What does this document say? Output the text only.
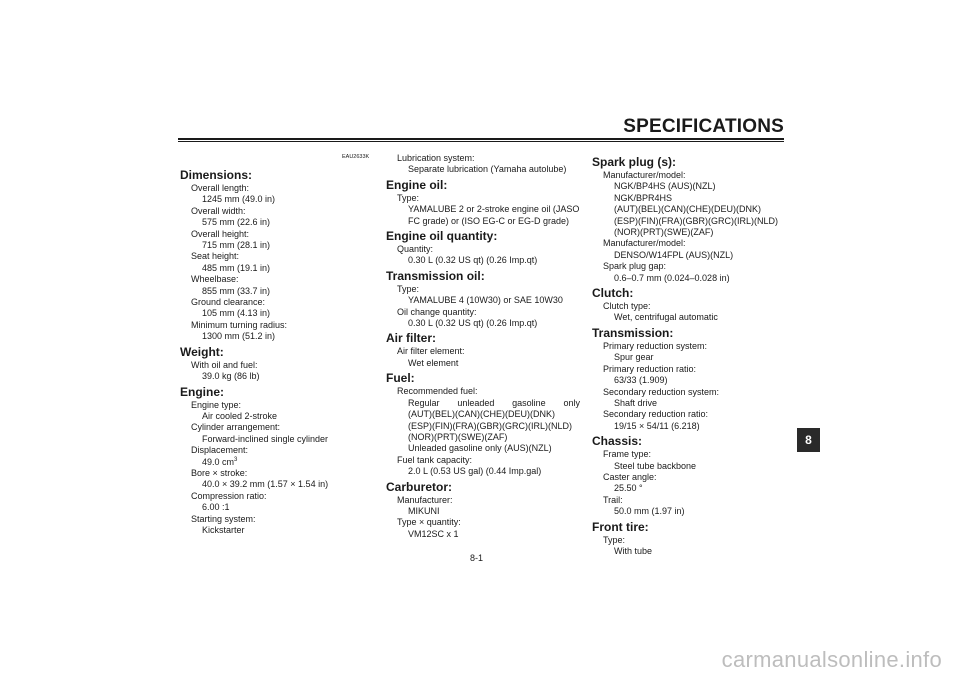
SPECIFICATIONS
EAU2633K
Dimensions:
Overall length:
1245 mm (49.0 in)
Overall width:
575 mm (22.6 in)
Overall height:
715 mm (28.1 in)
Seat height:
485 mm (19.1 in)
Wheelbase:
855 mm (33.7 in)
Ground clearance:
105 mm (4.13 in)
Minimum turning radius:
1300 mm (51.2 in)
Weight:
With oil and fuel:
39.0 kg (86 lb)
Engine:
Engine type:
Air cooled 2-stroke
Cylinder arrangement:
Forward-inclined single cylinder
Displacement:
49.0 $cm^3$
Bore × stroke:
40.0 × 39.2 mm (1.57 × 1.54 in)
Compression ratio:
6.00 :1
Starting system:
Kickstarter
Lubrication system:
Separate lubrication (Yamaha autolube)
Engine oil:
Type:
YAMALUBE 2 or 2-stroke engine oil (JASO
FC grade) or (ISO EG-C or EG-D grade)
Engine oil quantity:
Quantity:
0.30 L (0.32 US qt) (0.26 Imp.qt)
Transmission oil:
Type:
YAMALUBE 4 (10W30) or SAE 10W30
Oil change quantity:
0.30 L (0.32 US qt) (0.26 Imp.qt)
Air filter:
Air filter element:
Wet element
Fuel:
Recommended fuel:
Regular unleaded gasoline only
(AUT)(BEL)(CAN)(CHE)(DEU)(DNK)
(ESP)(FIN)(FRA)(GBR)(GRC)(IRL)(NLD)
(NOR)(PRT)(SWE)(ZAF)
Unleaded gasoline only (AUS)(NZL)
Fuel tank capacity:
2.0 L (0.53 US gal) (0.44 Imp.gal)
Carburetor:
Manufacturer:
MIKUNI
Type × quantity:
VM12SC x 1
Spark plug (s):
Manufacturer/model:
NGK/BP4HS (AUS)(NZL)
NGK/BPR4HS
(AUT)(BEL)(CAN)(CHE)(DEU)(DNK)
(ESP)(FIN)(FRA)(GBR)(GRC)(IRL)(NLD)
(NOR)(PRT)(SWE)(ZAF)
Manufacturer/model:
DENSO/W14FPL (AUS)(NZL)
Spark plug gap:
0.6–0.7 mm (0.024–0.028 in)
Clutch:
Clutch type:
Wet, centrifugal automatic
Transmission:
Primary reduction system:
Spur gear
Primary reduction ratio:
63/33 (1.909)
Secondary reduction system:
Shaft drive
Secondary reduction ratio:
19/15 × 54/11 (6.218)
Chassis:
Frame type:
Steel tube backbone
Caster angle:
25.50 °
Trail:
50.0 mm (1.97 in)
Front tire:
Type:
With tube
8
8-1
carmanualsonline.info
